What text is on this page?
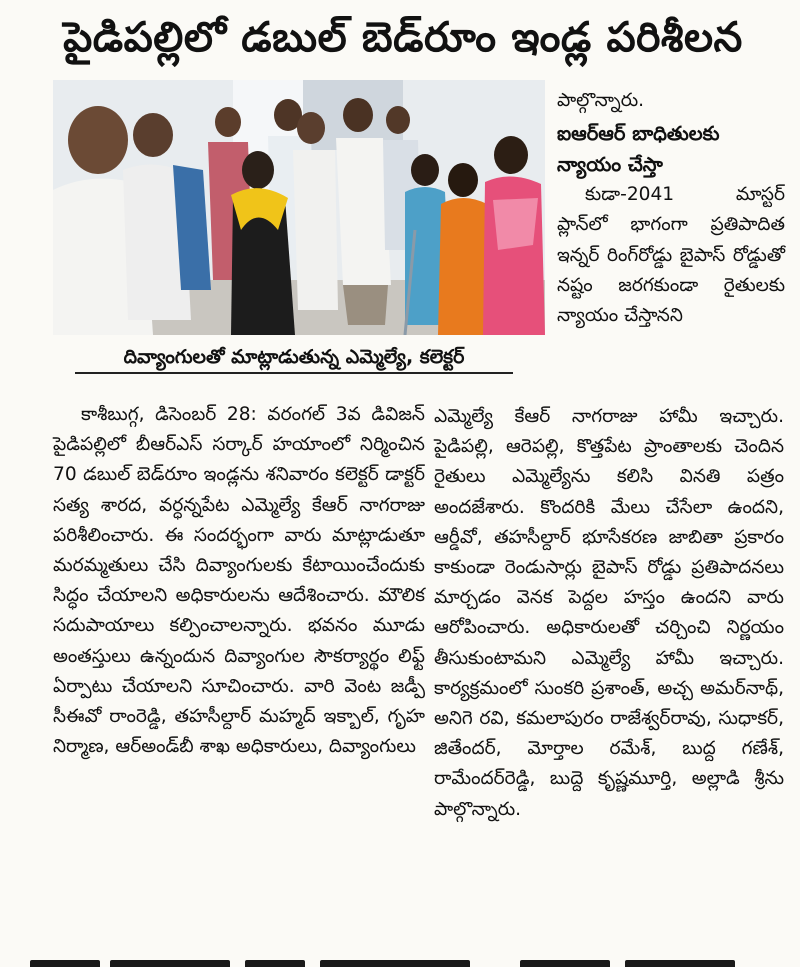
పైడిపల్లిలో డబుల్ బెడ్‌రూం ఇండ్ల పరిశీలన
దివ్యాంగులతో మాట్లాడుతున్న ఎమ్మెల్యే, కలెక్టర్

పాల్గొన్నారు.

ఐఆర్ఆర్ బాధితులకు న్యాయం చేస్తా

కుడా-2041 మాస్టర్ ప్లాన్‌లో భాగంగా ప్రతిపాదిత ఇన్నర్ రింగ్‌రోడ్డు బైపాస్ రోడ్డుతో నష్టం జరగకుండా రైతులకు న్యాయం చేస్తానని

కాశీబుగ్గ, డిసెంబర్ 28: వరంగల్ 3వ డివిజన్ పైడిపల్లిలో బీఆర్ఎస్ సర్కార్ హయాంలో నిర్మించిన 70 డబుల్ బెడ్‌రూం ఇండ్లను శనివారం కలెక్టర్ డాక్టర్ సత్య శారద, వర్ధన్నపేట ఎమ్మెల్యే కేఆర్ నాగరాజు పరిశీలించారు. ఈ సందర్భంగా వారు మాట్లాడుతూ మరమ్మతులు చేసి దివ్యాంగులకు కేటాయించేందుకు సిద్ధం చేయాలని అధికారులను ఆదేశించారు. మౌలిక సదుపాయాలు కల్పించాలన్నారు. భవనం మూడు అంతస్తులు ఉన్నందున దివ్యాంగుల సౌకర్యార్థం లిఫ్ట్ ఏర్పాటు చేయాలని సూచించారు. వారి వెంట జడ్పీ సీఈవో రాంరెడ్డి, తహసీల్దార్ మహ్మద్ ఇక్బాల్, గృహ నిర్మాణ, ఆర్అండ్‌బీ శాఖ అధికారులు, దివ్యాంగులు

ఎమ్మెల్యే కేఆర్ నాగరాజు హామీ ఇచ్చారు. పైడిపల్లి, ఆరెపల్లి, కొత్తపేట ప్రాంతాలకు చెందిన రైతులు ఎమ్మెల్యేను కలిసి వినతి పత్రం అందజేశారు. కొందరికి మేలు చేసేలా ఉందని, ఆర్డీవో, తహసీల్దార్ భూసేకరణ జాబితా ప్రకారం కాకుండా రెండుసార్లు బైపాస్ రోడ్డు ప్రతిపాదనలు మార్చడం వెనక పెద్దల హస్తం ఉందని వారు ఆరోపించారు. అధికారులతో చర్చించి నిర్ణయం తీసుకుంటామని ఎమ్మెల్యే హామీ ఇచ్చారు. కార్యక్రమంలో సుంకరి ప్రశాంత్, అచ్చ అమర్‌నాథ్, అనిగె రవి, కమలాపురం రాజేశ్వర్‌రావు, సుధాకర్, జితేందర్, మోర్తాల రమేశ్, బుద్ద గణేశ్, రామేందర్‌రెడ్డి, బుద్దె కృష్ణమూర్తి, అల్లాడి శ్రీను పాల్గొన్నారు.
